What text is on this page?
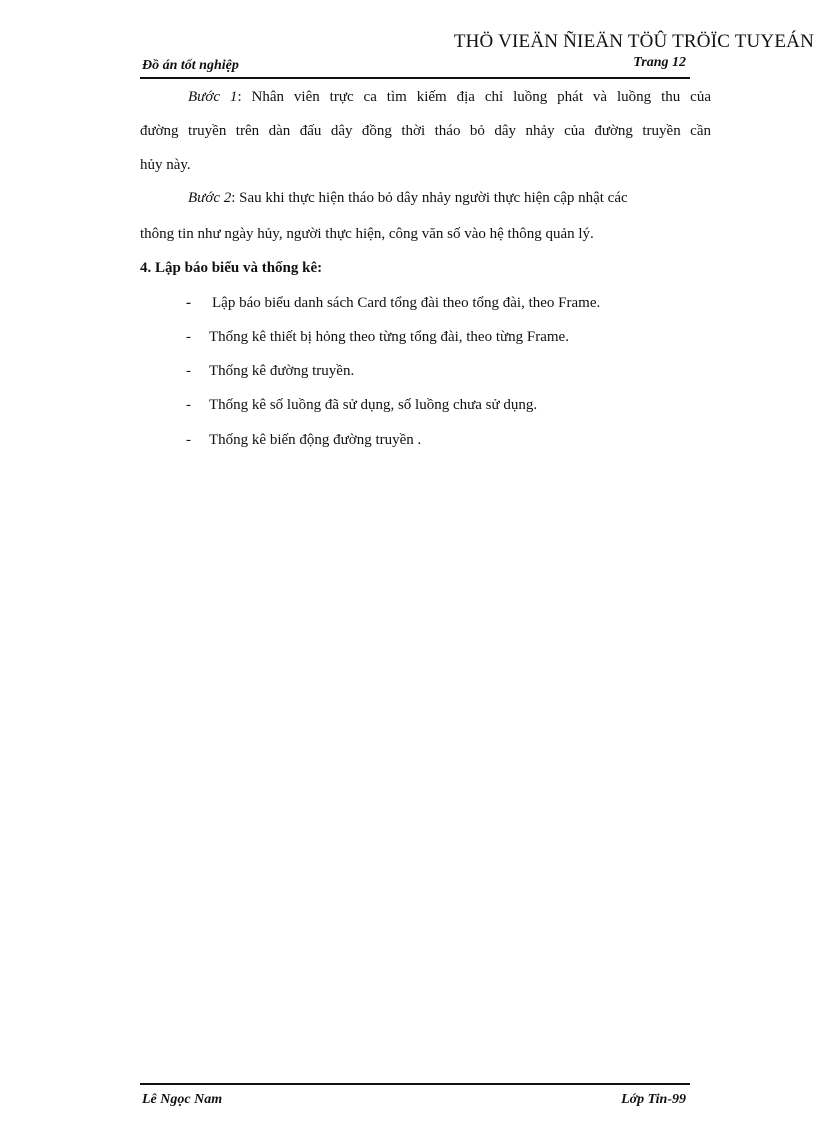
THÖ VIEÄN ÑIEÄN TÖÛ TRÖÏC TUYEÁN
Đồ án tốt nghiệp	Trang 12
Bước 1: Nhân viên trực ca tìm kiếm địa chỉ luồng phát và luồng thu của
đường truyền trên dàn đấu dây đồng thời tháo bỏ dây nhảy của đường truyền cần
hủy này.
Bước 2: Sau khi thực hiện tháo bỏ dây nhảy người thực hiện cập nhật các
thông tin như ngày hủy, người thực hiện, công văn số vào hệ thông quản lý.
4. Lập báo biểu và thống kê:
- Lập báo biểu danh sách Card tổng đài theo tổng đài, theo Frame.
- Thống kê thiết bị hỏng theo từng tổng đài, theo từng Frame.
- Thống kê đường truyền.
- Thống kê số luồng đã sử dụng, số luồng chưa sử dụng.
- Thống kê biến động đường truyền .
Lê Ngọc Nam	Lớp Tin-99
